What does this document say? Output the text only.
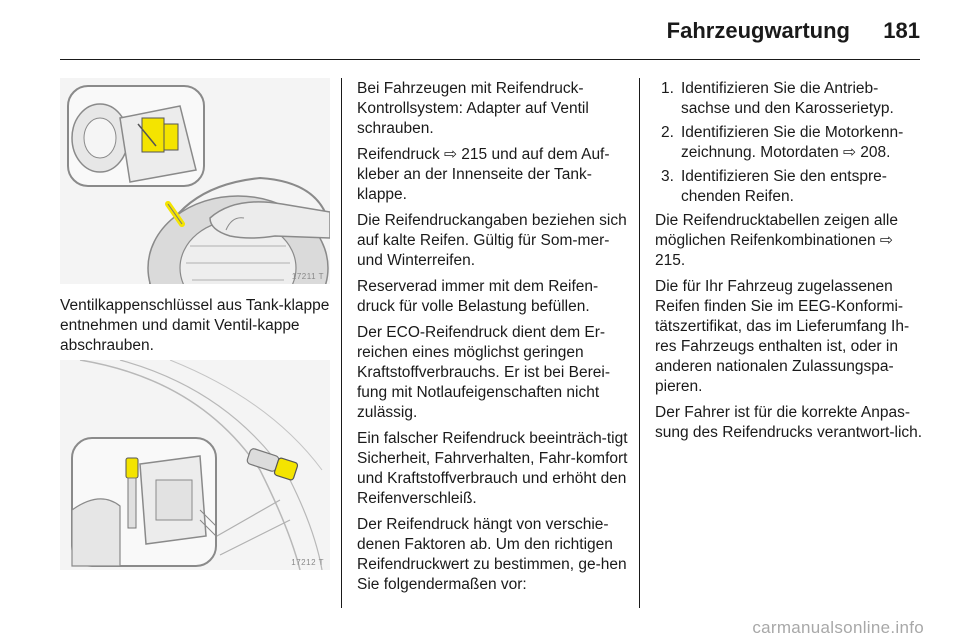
Fahrzeugwartung 181
17211 T
Ventilkappenschlüssel aus Tank-klappe entnehmen und damit Ventil-kappe abschrauben.
17212 T

Bei Fahrzeugen mit Reifendruck-Kontrollsystem: Adapter auf Ventil schrauben.

Reifendruck ⇨ 215 und auf dem Auf-kleber an der Innenseite der Tank-klappe.

Die Reifendruckangaben beziehen sich auf kalte Reifen. Gültig für Som-mer- und Winterreifen.

Reserverad immer mit dem Reifen-druck für volle Belastung befüllen.

Der ECO-Reifendruck dient dem Er-reichen eines möglichst geringen Kraftstoffverbrauchs. Er ist bei Berei-fung mit Notlaufeigenschaften nicht zulässig.

Ein falscher Reifendruck beeinträch-tigt Sicherheit, Fahrverhalten, Fahr-komfort und Kraftstoffverbrauch und erhöht den Reifenverschleiß.

Der Reifendruck hängt von verschie-denen Faktoren ab. Um den richtigen Reifendruckwert zu bestimmen, ge-hen Sie folgendermaßen vor:

1. Identifizieren Sie die Antrieb-sachse und den Karosserietyp.
2. Identifizieren Sie die Motorkenn-zeichnung. Motordaten ⇨ 208.
3. Identifizieren Sie den entspre-chenden Reifen.

Die Reifendrucktabellen zeigen alle möglichen Reifenkombinationen ⇨ 215.

Die für Ihr Fahrzeug zugelassenen Reifen finden Sie im EEG-Konformi-tätszertifikat, das im Lieferumfang Ih-res Fahrzeugs enthalten ist, oder in anderen nationalen Zulassungspa-pieren.

Der Fahrer ist für die korrekte Anpas-sung des Reifendrucks verantwort-lich.

carmanualsonline.info
